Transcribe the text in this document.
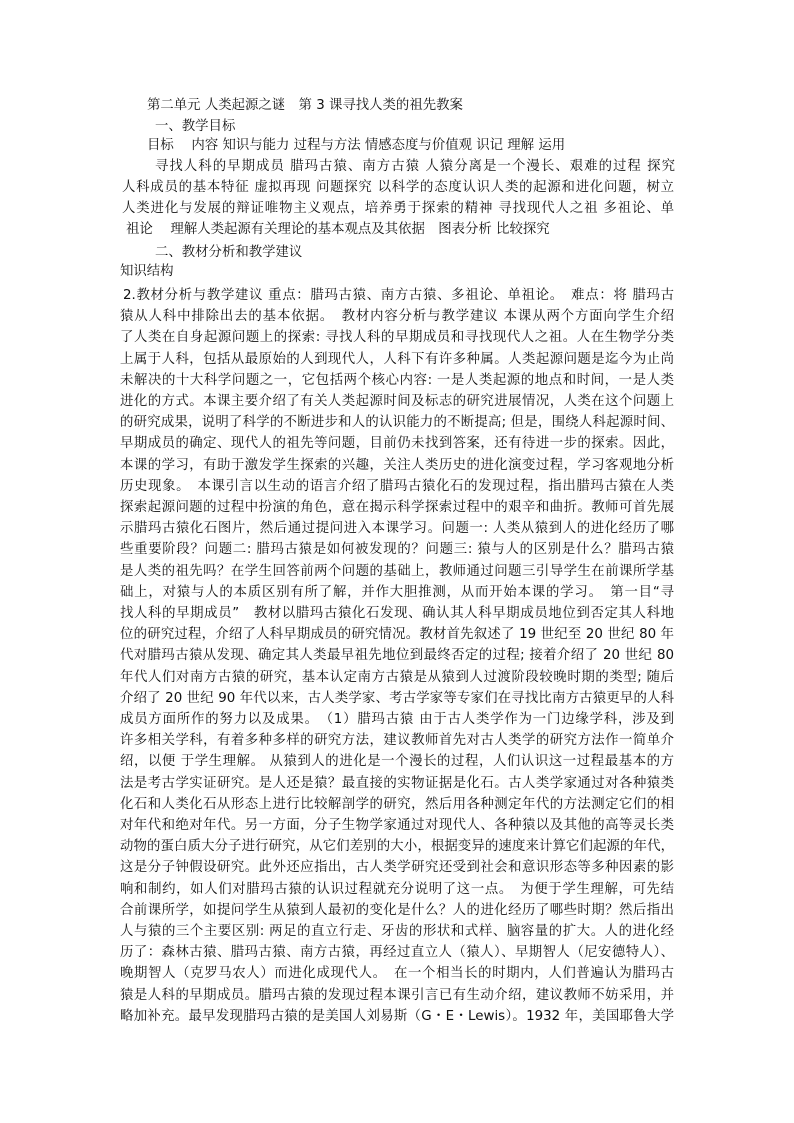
第二单元 人类起源之谜　第 3 课寻找人类的祖先教案
一、教学目标
目标　 内容 知识与能力 过程与方法 情感态度与价值观 识记 理解 运用
寻找人科的早期成员 腊玛古猿、南方古猿 人猿分离是一个漫长、艰难的过程 探究
人科成员的基本特征 虚拟再现 问题探究 以科学的态度认识人类的起源和进化问题，树立
人类进化与发展的辩证唯物主义观点，培养勇于探索的精神 寻找现代人之祖 多祖论、单
祖论　 理解人类起源有关理论的基本观点及其依据　图表分析 比较探究
二、教材分析和教学建议
知识结构
2.教材分析与教学建议 重点：腊玛古猿、南方古猿、多祖论、单祖论。　难点：将 腊玛古
猿从人科中排除出去的基本依据。　教材内容分析与教学建议 本课从两个方面向学生介绍
了人类在自身起源问题上的探索: 寻找人科的早期成员和寻找现代人之祖。人在生物学分类
上属于人科，包括从最原始的人到现代人，人科下有许多种属。人类起源问题是迄今为止尚
未解决的十大科学问题之一，它包括两个核心内容: 一是人类起源的地点和时间，一是人类
进化的方式。本课主要介绍了有关人类起源时间及标志的研究进展情况，人类在这个问题上
的研究成果，说明了科学的不断进步和人的认识能力的不断提高; 但是，围绕人科起源时间、
早期成员的确定、现代人的祖先等问题，目前仍未找到答案，还有待进一步的探索。因此，
本课的学习，有助于激发学生探索的兴趣，关注人类历史的进化演变过程，学习客观地分析
历史现象。　本课引言以生动的语言介绍了腊玛古猿化石的发现过程，指出腊玛古猿在人类
探索起源问题的过程中扮演的角色，意在揭示科学探索过程中的艰辛和曲折。教师可首先展
示腊玛古猿化石图片，然后通过提问进入本课学习。问题一: 人类从猿到人的进化经历了哪
些重要阶段？问题二: 腊玛古猿是如何被发现的？问题三: 猿与人的区别是什么？腊玛古猿
是人类的祖先吗？在学生回答前两个问题的基础上，教师通过问题三引导学生在前课所学基
础上，对猿与人的本质区别有所了解，并作大胆推测，从而开始本课的学习。　第一目“寻
找人科的早期成员”　教材以腊玛古猿化石发现、确认其人科早期成员地位到否定其人科地
位的研究过程，介绍了人科早期成员的研究情况。教材首先叙述了 19 世纪至 20 世纪 80 年
代对腊玛古猿从发现、确定其人类最早祖先地位到最终否定的过程; 接着介绍了 20 世纪 80
年代人们对南方古猿的研究，基本认定南方古猿是从猿到人过渡阶段较晚时期的类型; 随后
介绍了 20 世纪 90 年代以来，古人类学家、考古学家等专家们在寻找比南方古猿更早的人科
成员方面所作的努力以及成果。　（1）腊玛古猿 由于古人类学作为一门边缘学科，涉及到
许多相关学科，有着多种多样的研究方法，建议教师首先对古人类学的研究方法作一简单介
绍，以便 于学生理解。 从猿到人的进化是一个漫长的过程，人们认识这一过程最基本的方
法是考古学实证研究。是人还是猿？最直接的实物证据是化石。古人类学家通过对各种猿类
化石和人类化石从形态上进行比较解剖学的研究，然后用各种测定年代的方法测定它们的相
对年代和绝对年代。另一方面，分子生物学家通过对现代人、各种猿以及其他的高等灵长类
动物的蛋白质大分子进行研究，从它们差别的大小，根据变异的速度来计算它们起源的年代，
这是分子钟假设研究。此外还应指出，古人类学研究还受到社会和意识形态等多种因素的影
响和制约，如人们对腊玛古猿的认识过程就充分说明了这一点。　为便于学生理解，可先结
合前课所学，如提问学生从猿到人最初的变化是什么？人的进化经历了哪些时期？然后指出
人与猿的三个主要区别: 两足的直立行走、牙齿的形状和式样、脑容量的扩大。人的进化经
历了：森林古猿、腊玛古猿、南方古猿，再经过直立人（猿人）、早期智人（尼安德特人）、
晚期智人（克罗马农人）而进化成现代人。　在一个相当长的时期内，人们普遍认为腊玛古
猿是人科的早期成员。腊玛古猿的发现过程本课引言已有生动介绍，建议教师不妨采用，并
略加补充。最早发现腊玛古猿的是美国人刘易斯（G・E・Lewis）。1932 年，美国耶鲁大学
